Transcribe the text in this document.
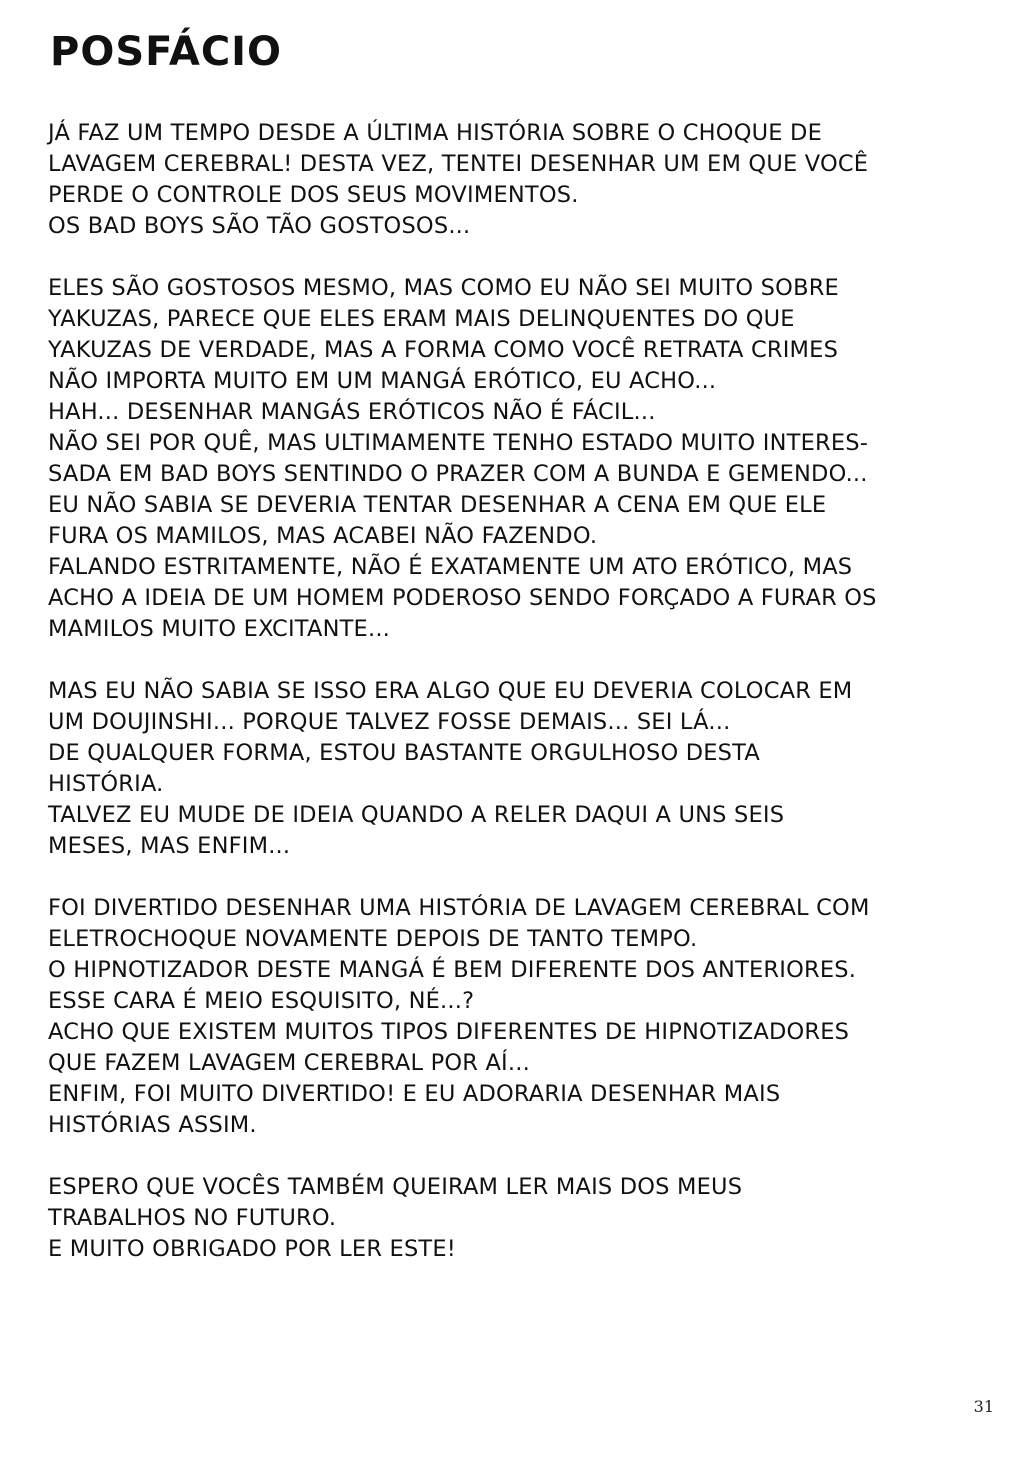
POSFÁCIO
JÁ FAZ UM TEMPO DESDE A ÚLTIMA HISTÓRIA SOBRE O CHOQUE DE
LAVAGEM CEREBRAL! DESTA VEZ, TENTEI DESENHAR UM EM QUE VOCÊ
PERDE O CONTROLE DOS SEUS MOVIMENTOS.
OS BAD BOYS SÃO TÃO GOSTOSOS...
ELES SÃO GOSTOSOS MESMO, MAS COMO EU NÃO SEI MUITO SOBRE
YAKUZAS, PARECE QUE ELES ERAM MAIS DELINQUENTES DO QUE
YAKUZAS DE VERDADE, MAS A FORMA COMO VOCÊ RETRATA CRIMES
NÃO IMPORTA MUITO EM UM MANGÁ ERÓTICO, EU ACHO...
HAH... DESENHAR MANGÁS ERÓTICOS NÃO É FÁCIL...
NÃO SEI POR QUÊ, MAS ULTIMAMENTE TENHO ESTADO MUITO INTERES-
SADA EM BAD BOYS SENTINDO O PRAZER COM A BUNDA E GEMENDO...
EU NÃO SABIA SE DEVERIA TENTAR DESENHAR A CENA EM QUE ELE
FURA OS MAMILOS, MAS ACABEI NÃO FAZENDO.
FALANDO ESTRITAMENTE, NÃO É EXATAMENTE UM ATO ERÓTICO, MAS
ACHO A IDEIA DE UM HOMEM PODEROSO SENDO FORÇADO A FURAR OS
MAMILOS MUITO EXCITANTE...
MAS EU NÃO SABIA SE ISSO ERA ALGO QUE EU DEVERIA COLOCAR EM
UM DOUJINSHI... PORQUE TALVEZ FOSSE DEMAIS... SEI LÁ...
DE QUALQUER FORMA, ESTOU BASTANTE ORGULHOSO DESTA
HISTÓRIA.
TALVEZ EU MUDE DE IDEIA QUANDO A RELER DAQUI A UNS SEIS
MESES, MAS ENFIM...
FOI DIVERTIDO DESENHAR UMA HISTÓRIA DE LAVAGEM CEREBRAL COM
ELETROCHOQUE NOVAMENTE DEPOIS DE TANTO TEMPO.
O HIPNOTIZADOR DESTE MANGÁ É BEM DIFERENTE DOS ANTERIORES.
ESSE CARA É MEIO ESQUISITO, NÉ...?
ACHO QUE EXISTEM MUITOS TIPOS DIFERENTES DE HIPNOTIZADORES
QUE FAZEM LAVAGEM CEREBRAL POR AÍ...
ENFIM, FOI MUITO DIVERTIDO! E EU ADORARIA DESENHAR MAIS
HISTÓRIAS ASSIM.
ESPERO QUE VOCÊS TAMBÉM QUEIRAM LER MAIS DOS MEUS
TRABALHOS NO FUTURO.
E MUITO OBRIGADO POR LER ESTE!
31
